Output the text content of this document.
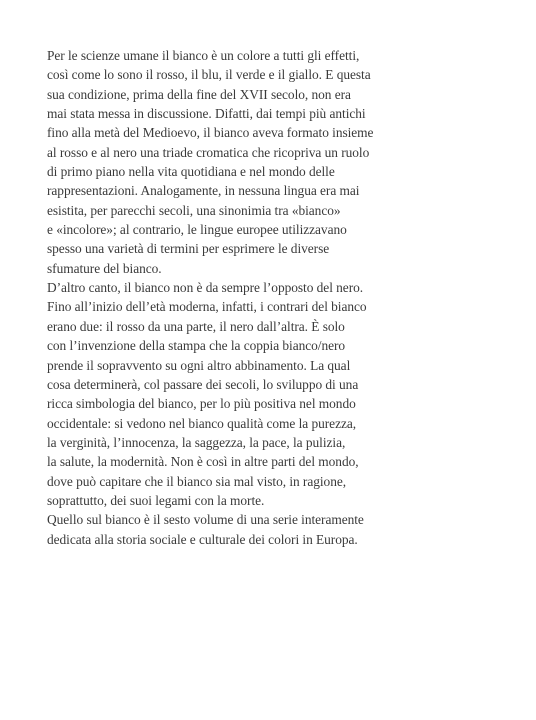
Per le scienze umane il bianco è un colore a tutti gli effetti,
così come lo sono il rosso, il blu, il verde e il giallo. E questa
sua condizione, prima della fine del XVII secolo, non era
mai stata messa in discussione. Difatti, dai tempi più antichi
fino alla metà del Medioevo, il bianco aveva formato insieme
al rosso e al nero una triade cromatica che ricopriva un ruolo
di primo piano nella vita quotidiana e nel mondo delle
rappresentazioni. Analogamente, in nessuna lingua era mai
esistita, per parecchi secoli, una sinonimia tra «bianco»
e «incolore»; al contrario, le lingue europee utilizzavano
spesso una varietà di termini per esprimere le diverse
sfumature del bianco.
D’altro canto, il bianco non è da sempre l’opposto del nero.
Fino all’inizio dell’età moderna, infatti, i contrari del bianco
erano due: il rosso da una parte, il nero dall’altra. È solo
con l’invenzione della stampa che la coppia bianco/nero
prende il sopravvento su ogni altro abbinamento. La qual
cosa determinerà, col passare dei secoli, lo sviluppo di una
ricca simbologia del bianco, per lo più positiva nel mondo
occidentale: si vedono nel bianco qualità come la purezza,
la verginità, l’innocenza, la saggezza, la pace, la pulizia,
la salute, la modernità. Non è così in altre parti del mondo,
dove può capitare che il bianco sia mal visto, in ragione,
soprattutto, dei suoi legami con la morte.
Quello sul bianco è il sesto volume di una serie interamente
dedicata alla storia sociale e culturale dei colori in Europa.
